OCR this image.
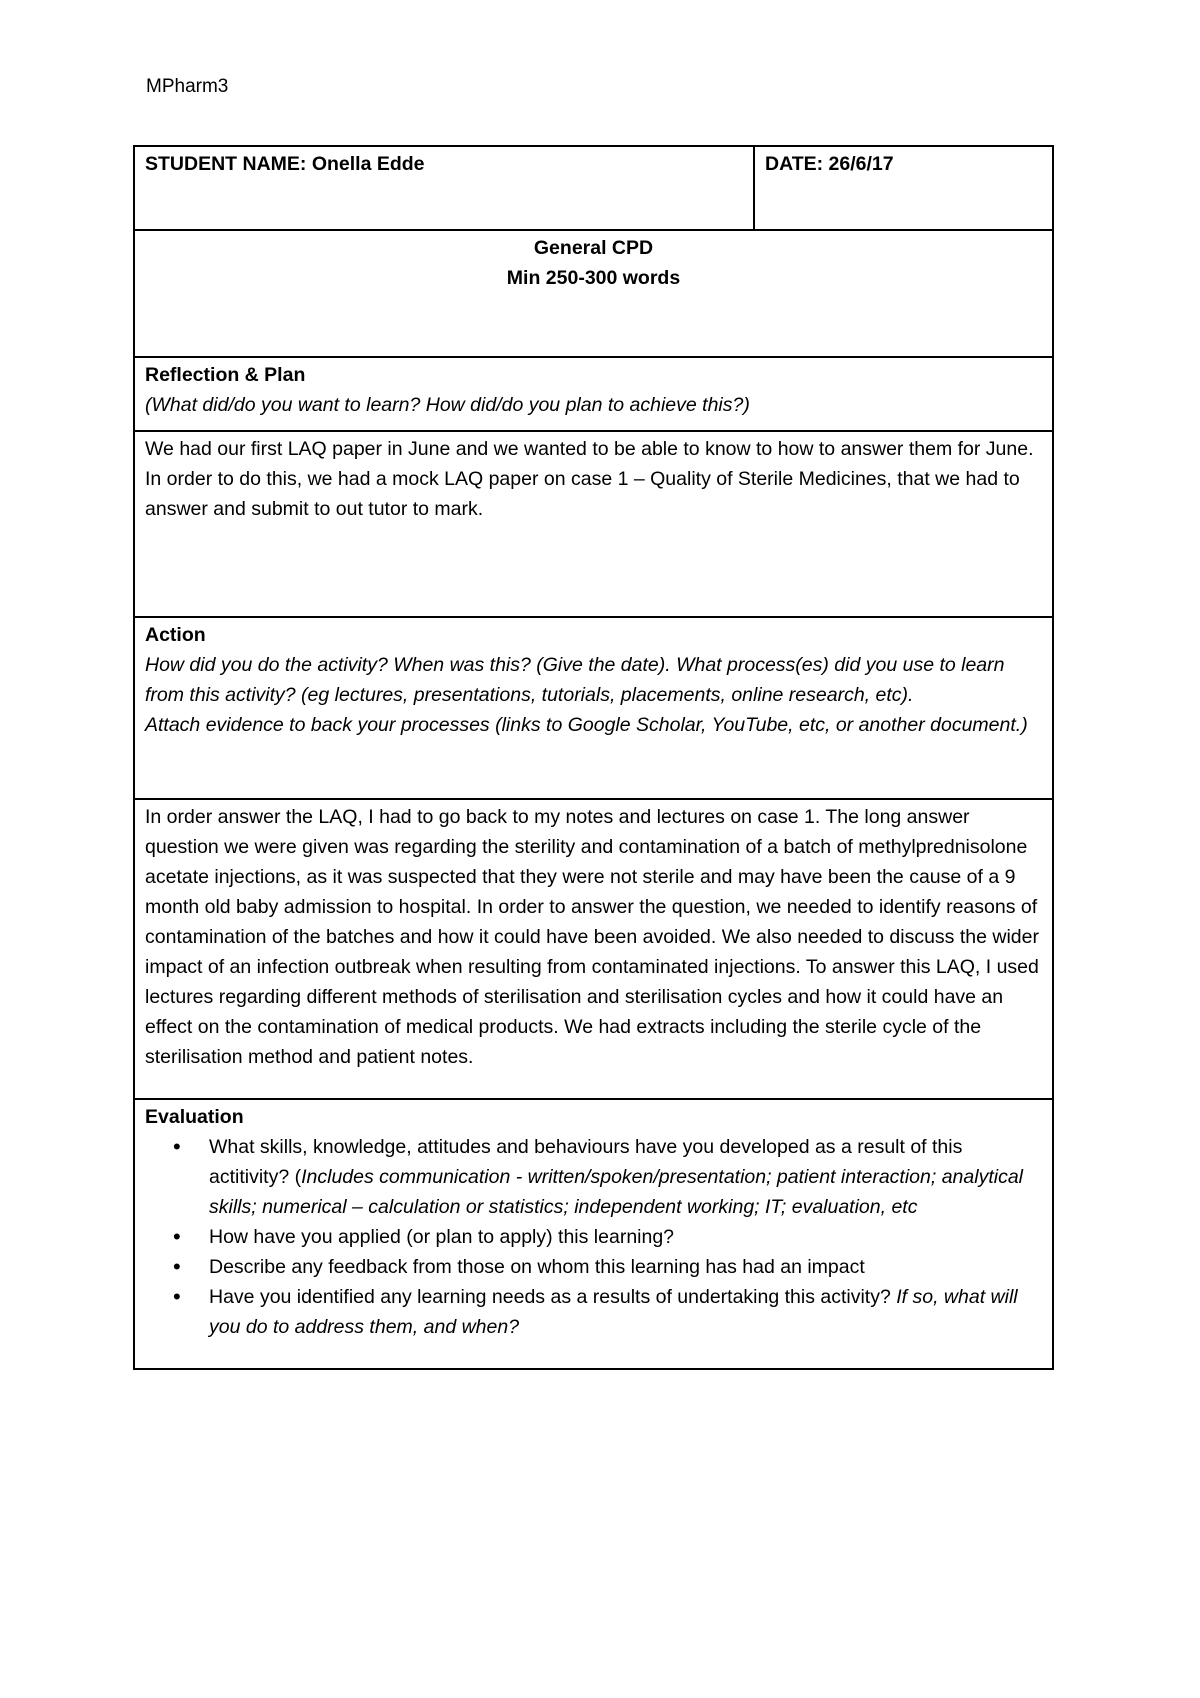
MPharm3
STUDENT NAME: Onella Edde	DATE: 26/6/17

General CPD
Min 250-300 words

Reflection & Plan
(What did/do you want to learn? How did/do you plan to achieve this?)

We had our first LAQ paper in June and we wanted to be able to know to how to answer them for June. In order to do this, we had a mock LAQ paper on case 1 – Quality of Sterile Medicines, that we had to answer and submit to out tutor to mark.

Action
How did you do the activity? When was this? (Give the date). What process(es) did you use to learn from this activity? (eg lectures, presentations, tutorials, placements, online research, etc).
Attach evidence to back your processes (links to Google Scholar, YouTube, etc, or another document.)

In order answer the LAQ, I had to go back to my notes and lectures on case 1. The long answer question we were given was regarding the sterility and contamination of a batch of methylprednisolone acetate injections, as it was suspected that they were not sterile and may have been the cause of a 9 month old baby admission to hospital. In order to answer the question, we needed to identify reasons of contamination of the batches and how it could have been avoided. We also needed to discuss the wider impact of an infection outbreak when resulting from contaminated injections. To answer this LAQ, I used lectures regarding different methods of sterilisation and sterilisation cycles and how it could have an effect on the contamination of medical products. We had extracts including the sterile cycle of the sterilisation method and patient notes.

Evaluation
• What skills, knowledge, attitudes and behaviours have you developed as a result of this actitivity? (Includes communication - written/spoken/presentation; patient interaction; analytical skills; numerical – calculation or statistics; independent working; IT; evaluation, etc
• How have you applied (or plan to apply) this learning?
• Describe any feedback from those on whom this learning has had an impact
• Have you identified any learning needs as a results of undertaking this activity? If so, what will you do to address them, and when?
